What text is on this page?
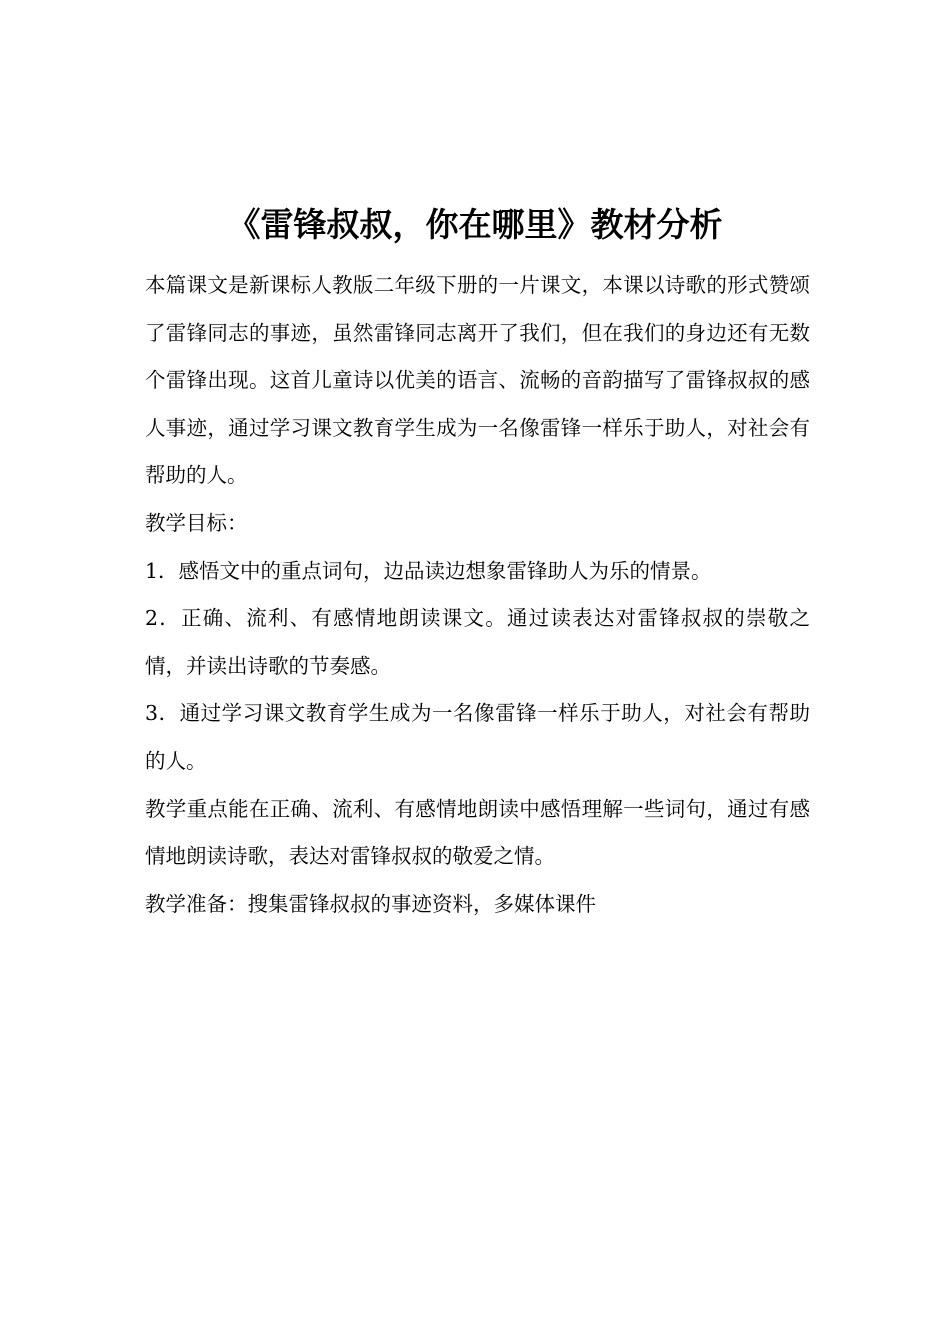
《雷锋叔叔，你在哪里》教材分析

本篇课文是新课标人教版二年级下册的一片课文，本课以诗歌的形式赞颂了雷锋同志的事迹，虽然雷锋同志离开了我们，但在我们的身边还有无数个雷锋出现。这首儿童诗以优美的语言、流畅的音韵描写了雷锋叔叔的感人事迹，通过学习课文教育学生成为一名像雷锋一样乐于助人，对社会有帮助的人。

教学目标：

1．感悟文中的重点词句，边品读边想象雷锋助人为乐的情景。

2．正确、流利、有感情地朗读课文。通过读表达对雷锋叔叔的崇敬之情，并读出诗歌的节奏感。

3．通过学习课文教育学生成为一名像雷锋一样乐于助人，对社会有帮助的人。

教学重点能在正确、流利、有感情地朗读中感悟理解一些词句，通过有感情地朗读诗歌，表达对雷锋叔叔的敬爱之情。

教学准备：搜集雷锋叔叔的事迹资料，多媒体课件
